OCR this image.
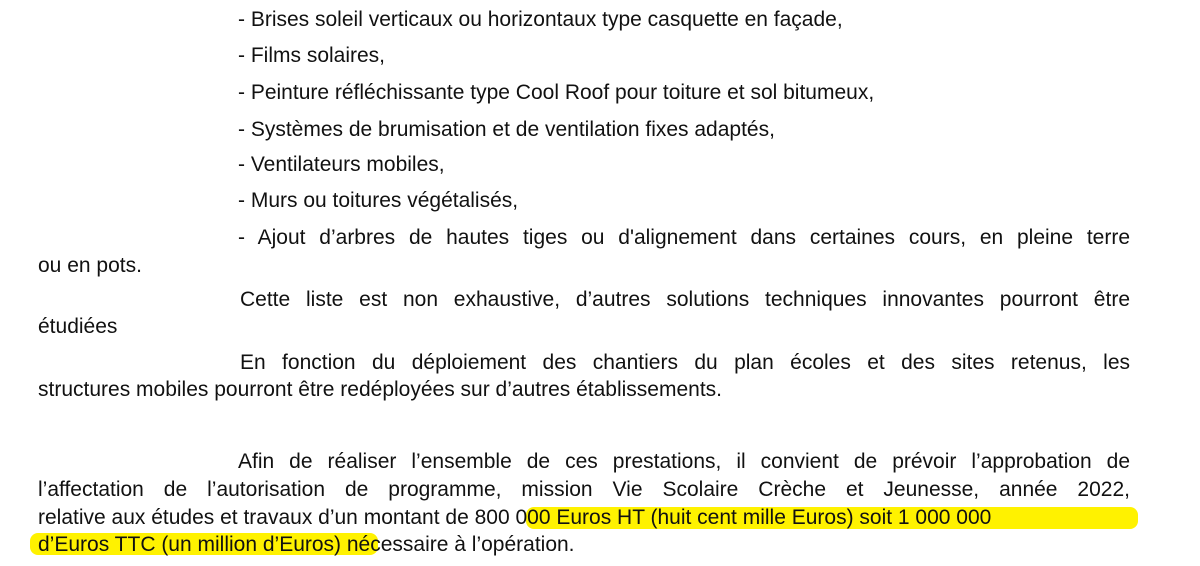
- Brises soleil verticaux ou horizontaux type casquette en façade,
- Films solaires,
- Peinture réfléchissante type Cool Roof pour toiture et sol bitumeux,
- Systèmes de brumisation et de ventilation fixes adaptés,
- Ventilateurs mobiles,
- Murs ou toitures végétalisés,
- Ajout d’arbres de hautes tiges ou d'alignement dans certaines cours, en pleine terre
ou en pots.
Cette liste est non exhaustive, d’autres solutions techniques innovantes pourront être
étudiées
En fonction du déploiement des chantiers du plan écoles et des sites retenus, les
structures mobiles pourront être redéployées sur d’autres établissements.
Afin de réaliser l’ensemble de ces prestations, il convient de prévoir l’approbation de
l’affectation de l’autorisation de programme, mission Vie Scolaire Crèche et Jeunesse, année 2022,
relative aux études et travaux d’un montant de 800 000 Euros HT (huit cent mille Euros) soit 1 000 000
d’Euros TTC (un million d’Euros) nécessaire à l’opération.
